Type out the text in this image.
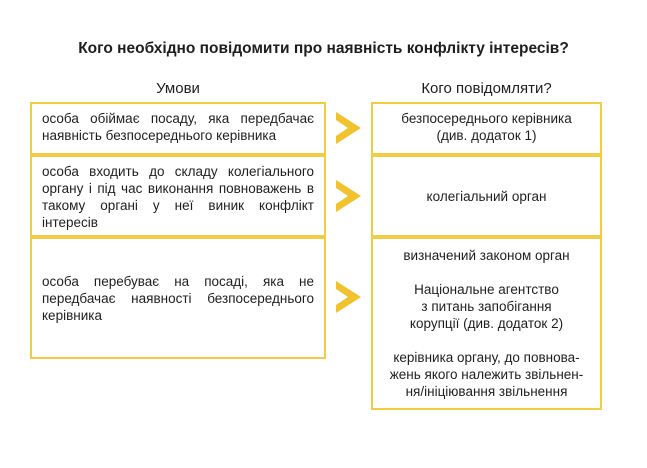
Кого необхідно повідомити про наявність конфлікту інтересів?
Умови	Кого повідомляти?

особа обіймає посаду, яка передбачає наявність безпосереднього керівника

безпосереднього керівника

(див. додаток 1)

особа входить до складу колегіального органу і під час виконання повноважень в такому органі у неї виник конфлікт інтересів

колегіальний орган

особа перебуває на посаді, яка не передбачає наявності безпосереднього керівника

визначений законом орган

Національне агентство

з питань запобігання

корупції (див. додаток 2)

керівника органу, до повнова-

жень якого належить звільнен-

ня/ініціювання звільнення
